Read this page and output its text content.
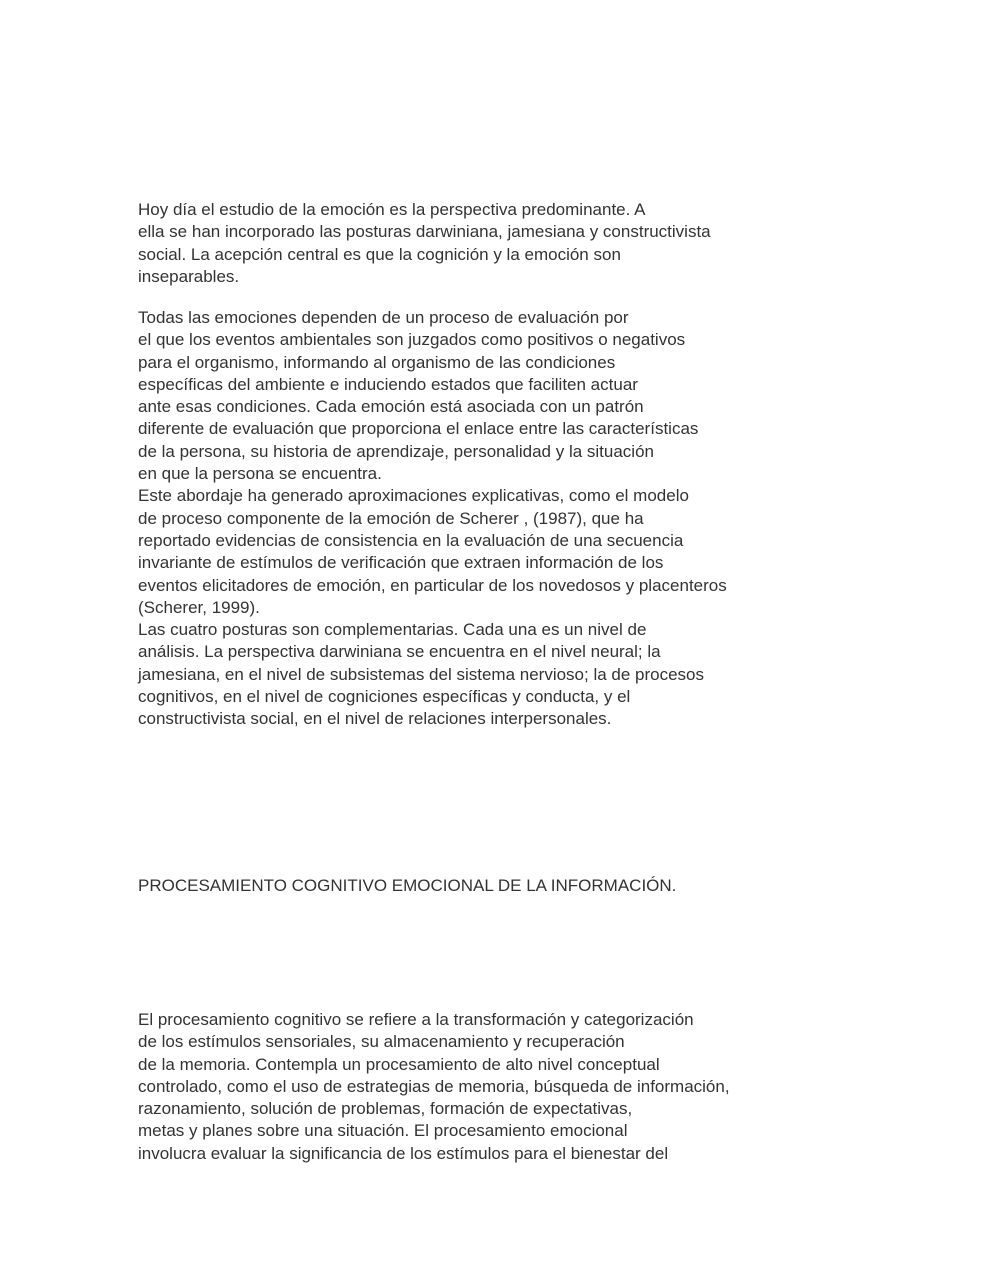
Hoy día el estudio de la emoción es la perspectiva predominante. A
ella se han incorporado las posturas darwiniana, jamesiana y constructivista
social. La acepción central es que la cognición y la emoción son
inseparables.
Todas las emociones dependen de un proceso de evaluación por
el que los eventos ambientales son juzgados como positivos o negativos
para el organismo, informando al organismo de las condiciones
específicas del ambiente e induciendo estados que faciliten actuar
ante esas condiciones. Cada emoción está asociada con un patrón
diferente de evaluación que proporciona el enlace entre las características
de la persona, su historia de aprendizaje, personalidad y la situación
en que la persona se encuentra.
Este abordaje ha generado aproximaciones explicativas, como el modelo
de proceso componente de la emoción de Scherer , (1987), que ha
reportado evidencias de consistencia en la evaluación de una secuencia
invariante de estímulos de verificación que extraen información de los
eventos elicitadores de emoción, en particular de los novedosos y placenteros
(Scherer, 1999).
Las cuatro posturas son complementarias. Cada una es un nivel de
análisis. La perspectiva darwiniana se encuentra en el nivel neural; la
jamesiana, en el nivel de subsistemas del sistema nervioso; la de procesos
cognitivos, en el nivel de cogniciones específicas y conducta, y el
constructivista social, en el nivel de relaciones interpersonales.
PROCESAMIENTO COGNITIVO EMOCIONAL DE LA INFORMACIÓN.
El procesamiento cognitivo se refiere a la transformación y categorización
de los estímulos sensoriales, su almacenamiento y recuperación
de la memoria. Contempla un procesamiento de alto nivel conceptual
controlado, como el uso de estrategias de memoria, búsqueda de información,
razonamiento, solución de problemas, formación de expectativas,
metas y planes sobre una situación. El procesamiento emocional
involucra evaluar la significancia de los estímulos para el bienestar del
